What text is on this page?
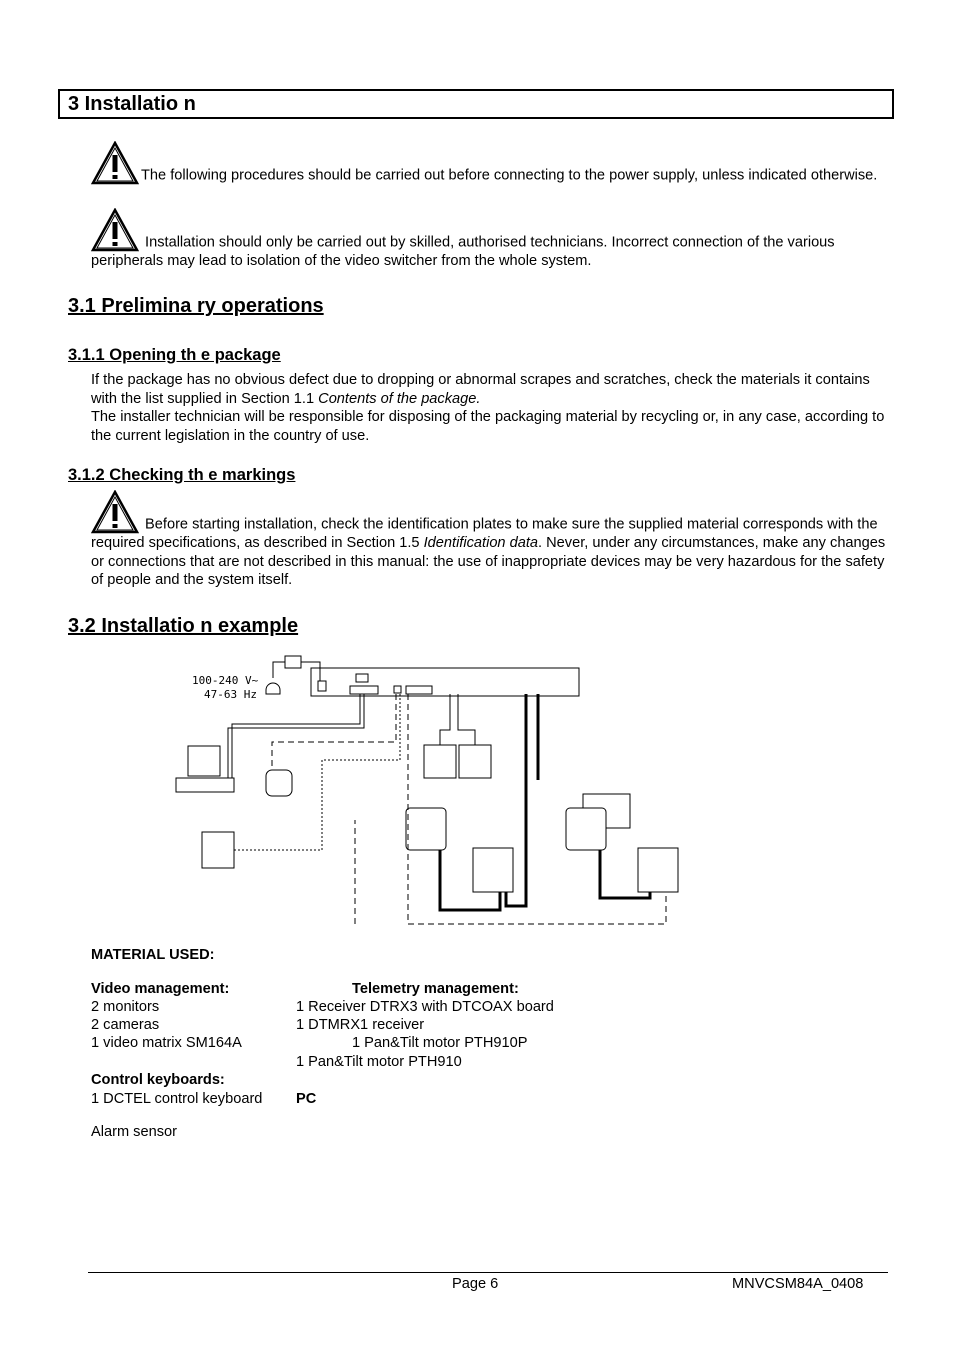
3 Installatio n
The following procedures should be carried out before connecting to the power supply, unless indicated otherwise.
Installation should only be carried out by skilled, authorised technicians. Incorrect connection of the various peripherals may lead to isolation of the video switcher from the whole system.
3.1 Prelimina ry operations
3.1.1 Opening th e package
If the package has no obvious defect due to dropping or abnormal scrapes and scratches, check the materials it contains with the list supplied in Section 1.1 Contents of the package.
The installer technician will be responsible for disposing of the packaging material by recycling or, in any case, according to the current legislation in the country of use.
3.1.2 Checking th e markings
Before starting installation, check the identification plates to make sure the supplied material corresponds with the required specifications, as described in Section 1.5 Identification data. Never, under any circumstances, make any changes or connections that are not described in this manual: the use of inappropriate devices may be very hazardous for the safety of people and the system itself.
3.2 Installatio n example
100-240 V~
47-63 Hz
MATERIAL USED:
Video management:
2 monitors
2 cameras
1 video matrix SM164A
Telemetry management:
1 Receiver DTRX3 with DTCOAX board
1 DTMRX1 receiver
1 Pan&Tilt motor PTH910P
1 Pan&Tilt motor PTH910
Control keyboards:
1 DCTEL control keyboard PC
Alarm sensor
Page 6	MNVCSM84A_0408
